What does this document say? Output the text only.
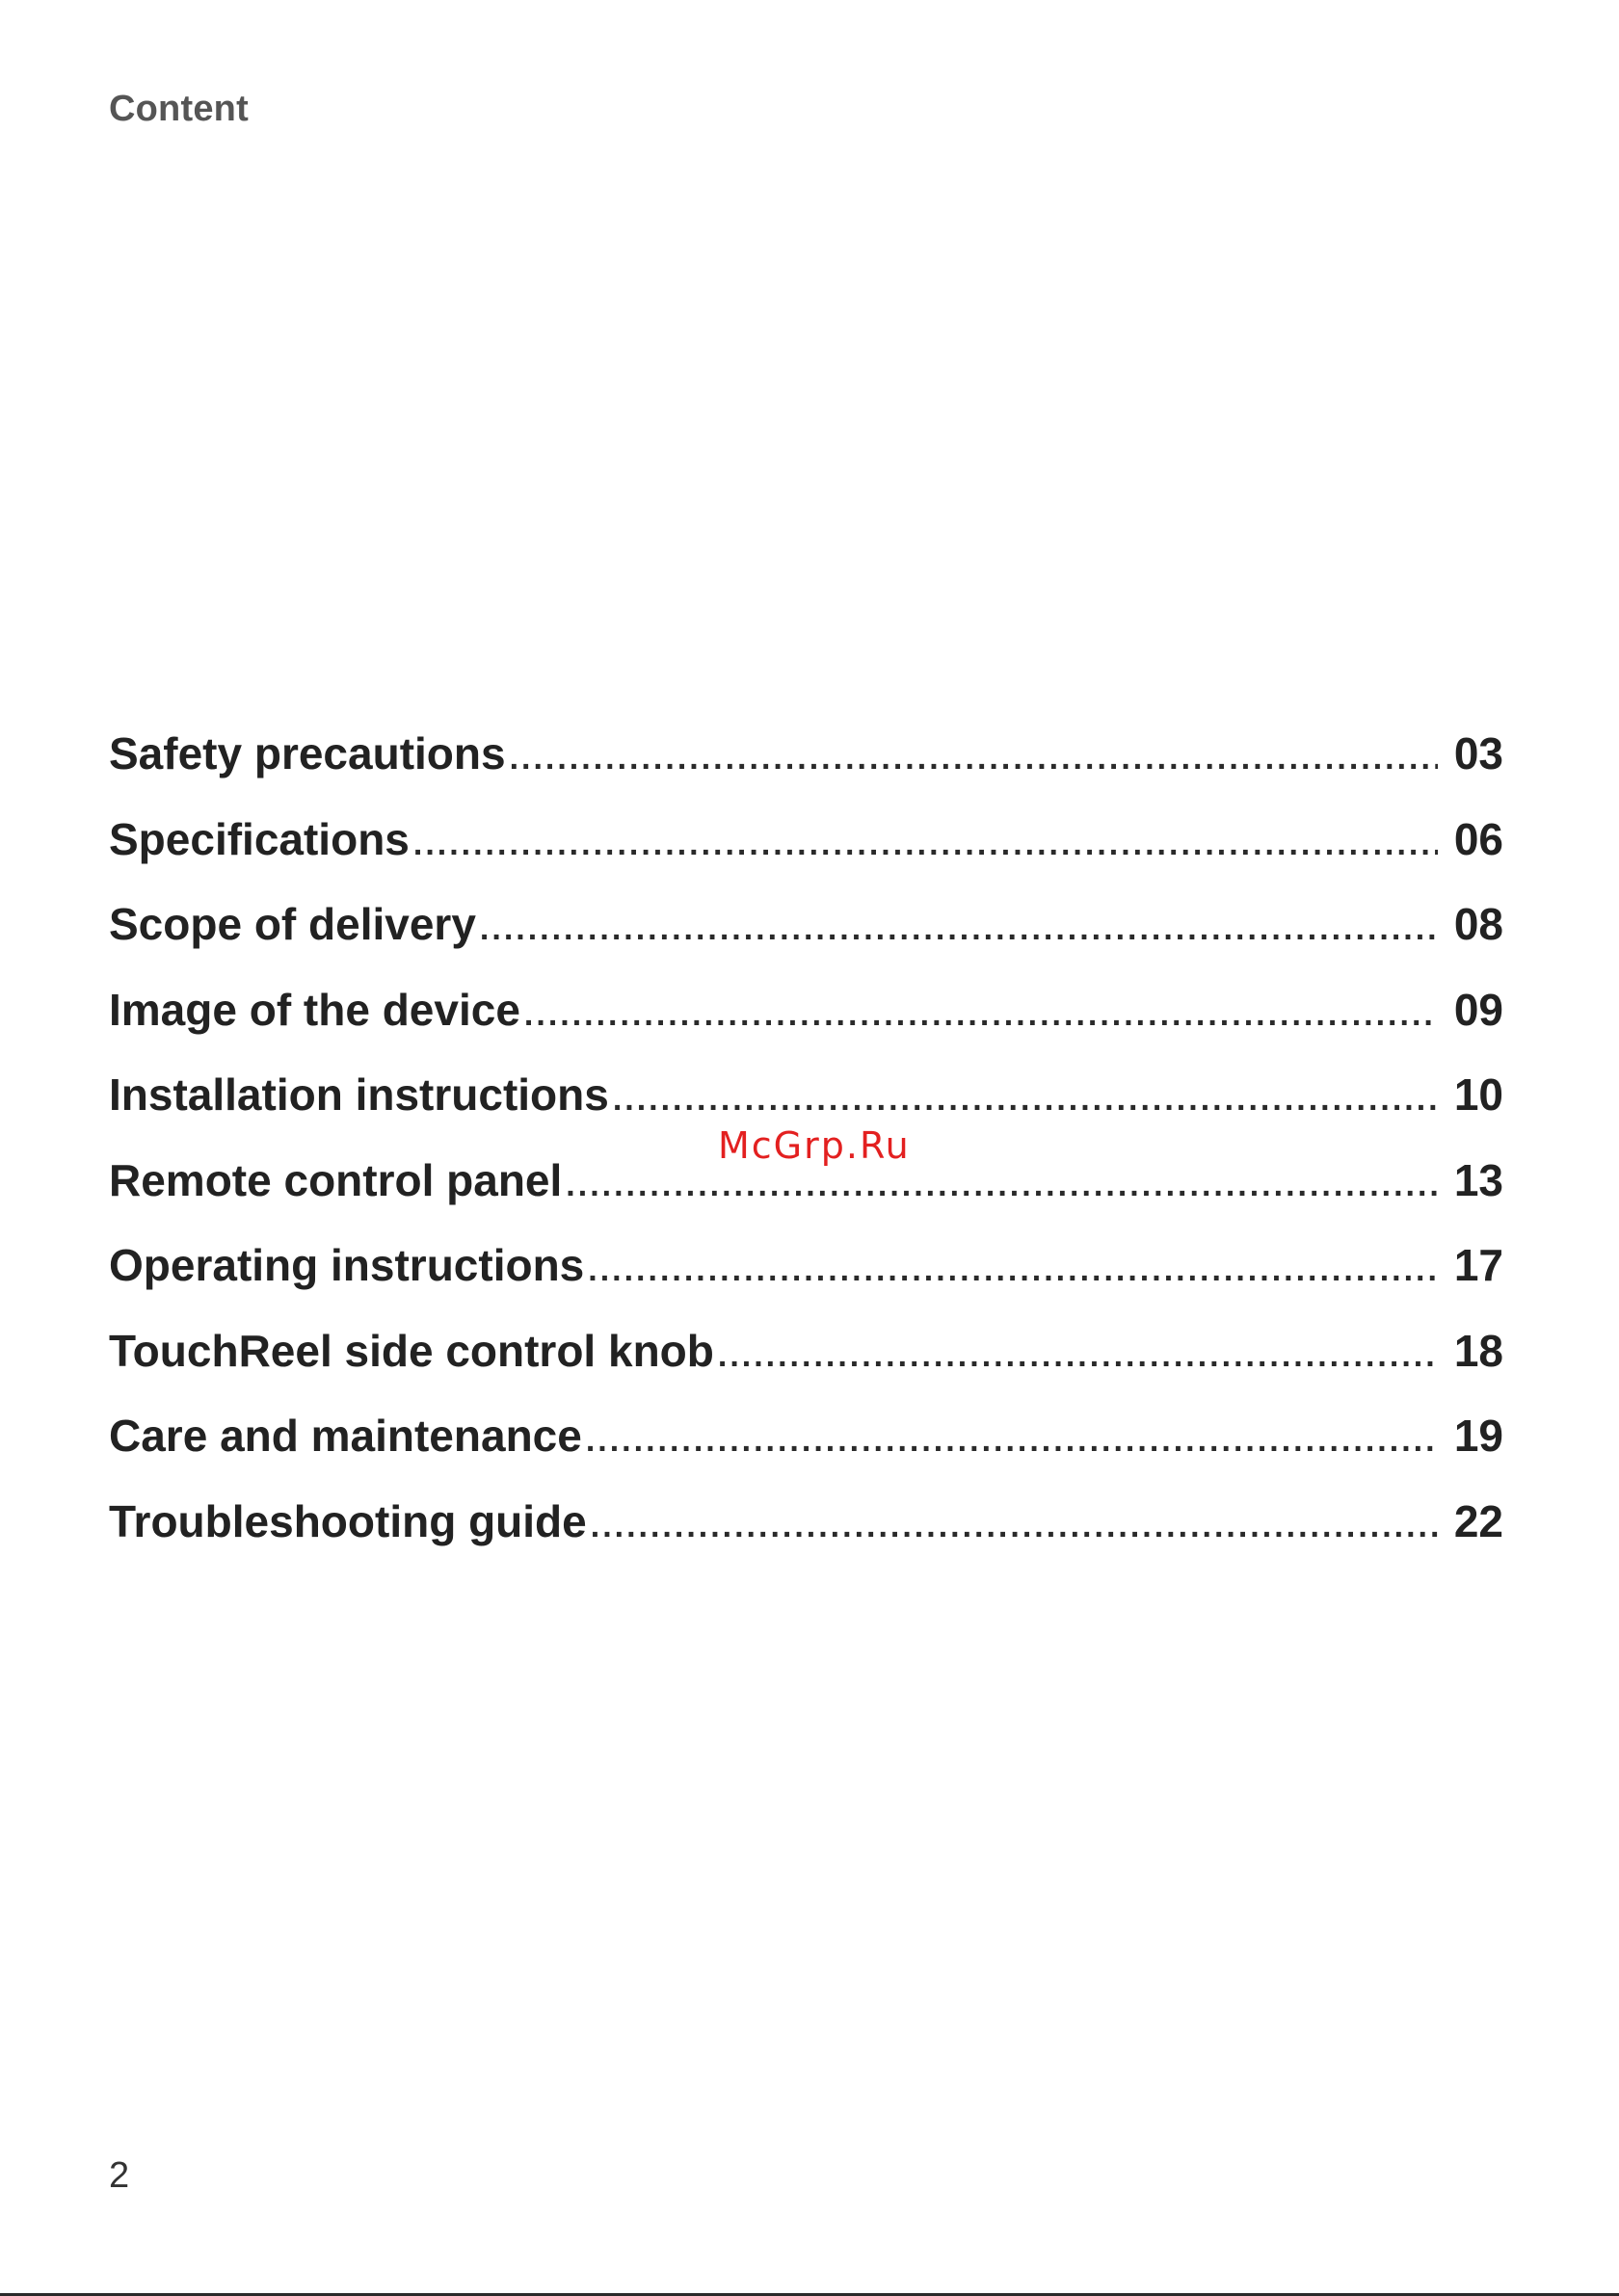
Content
Safety precautions .....	03
Specifications .....	06
Scope of delivery .....	08
Image of the device .....	09
Installation instructions .....	10
Remote control panel .....	13
Operating instructions .....	17
TouchReel side control knob .....	18
Care and maintenance .....	19
Troubleshooting guide .....	22
McGrp.Ru
2
